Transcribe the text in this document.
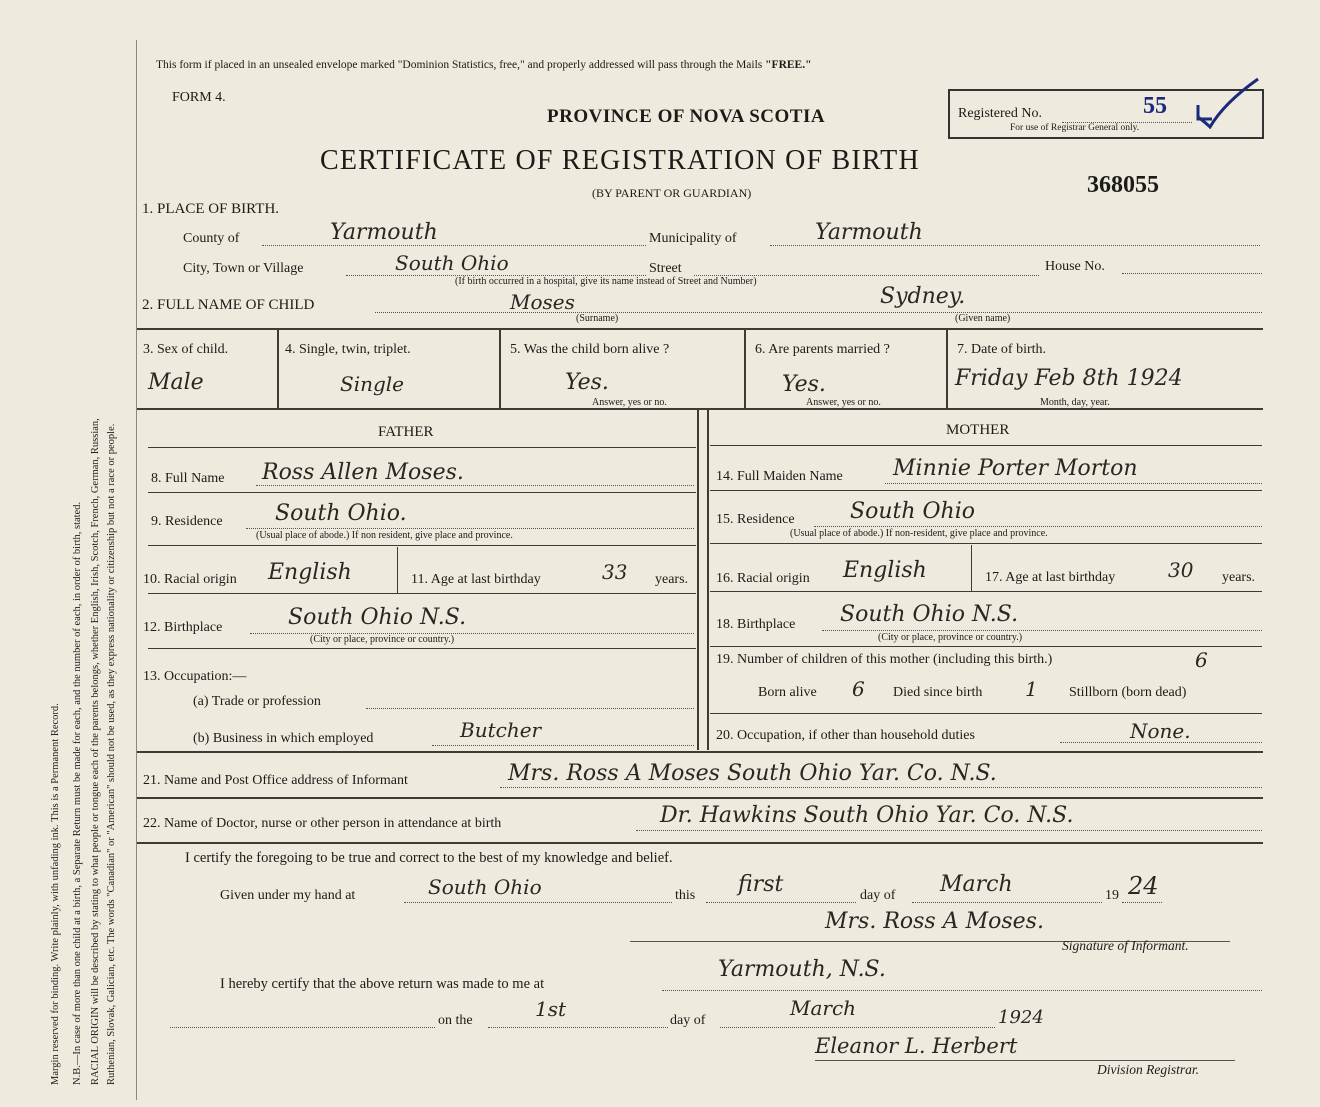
Margin reserved for binding. Write plainly, with unfading ink. This is a Permanent Record. N.B.—In case of more than one child at a birth, a Separate Return must be made for each, and the number of each, in order of birth, stated. RACIAL ORIGIN will be described by stating to what people or tongue each of the parents belongs, whether English, Irish, Scotch, French, German, Russian, Ruthenian, Slovak, Galician, etc. The words "Canadian" or "American" should not be used, as they express nationality or citizenship but not a race or people.
This form if placed in an unsealed envelope marked "Dominion Statistics, free," and properly addressed will pass through the Mails "FREE."
FORM 4.
PROVINCE OF NOVA SCOTIA	Registered No.	55
For use of Registrar General only.
CERTIFICATE OF REGISTRATION OF BIRTH
(BY PARENT OR GUARDIAN)	368055
1. PLACE OF BIRTH.
County of	Yarmouth	Municipality of	Yarmouth
City, Town or Village	South Ohio	Street	House No.
(If birth occurred in a hospital, give its name instead of Street and Number)
2. FULL NAME OF CHILD	Moses
(Surname)
Sydney.
(Given name)
3. Sex of child.
Male
4. Single, twin, triplet.
Single
5. Was the child born alive ?
Yes.
Answer, yes or no.
6. Are parents married ?
Yes.
Answer, yes or no.
7. Date of birth.
Friday Feb 8th 1924
Month, day, year.
FATHER	MOTHER
8. Full Name Ross Allen Moses.
9. Residence South Ohio.
(Usual place of abode.) If non resident, give place and province.
10. Racial origin English	11. Age at last birthday	33 years.
12. Birthplace	South Ohio N.S.
(City or place, province or country.)
13. Occupation:—
(a) Trade or profession
(b) Business in which employed	Butcher
14. Full Maiden Name Minnie Porter Morton
15. Residence	South Ohio
(Usual place of abode.) If non-resident, give place and province.
16. Racial origin English	17. Age at last birthday	30 years.
18. Birthplace South Ohio N.S.
(City or place, province or country.)
19. Number of children of this mother (including this birth.)	6
Born alive 6 Died since birth 1 Stillborn (born dead)
20. Occupation, if other than household duties	None.
21. Name and Post Office address of Informant	Mrs. Ross A Moses South Ohio Yar. Co. N.S.
22. Name of Doctor, nurse or other person in attendance at birth	Dr. Hawkins South Ohio Yar. Co. N.S.
I certify the foregoing to be true and correct to the best of my knowledge and belief.
Given under my hand at	South Ohio	this first	day of March	19 24
Mrs. Ross A Moses.
Signature of Informant.
I hereby certify that the above return was made to me at
Yarmouth, N.S.
on the	1st	day of
March	1924
Eleanor L. Herbert
Division Registrar.
